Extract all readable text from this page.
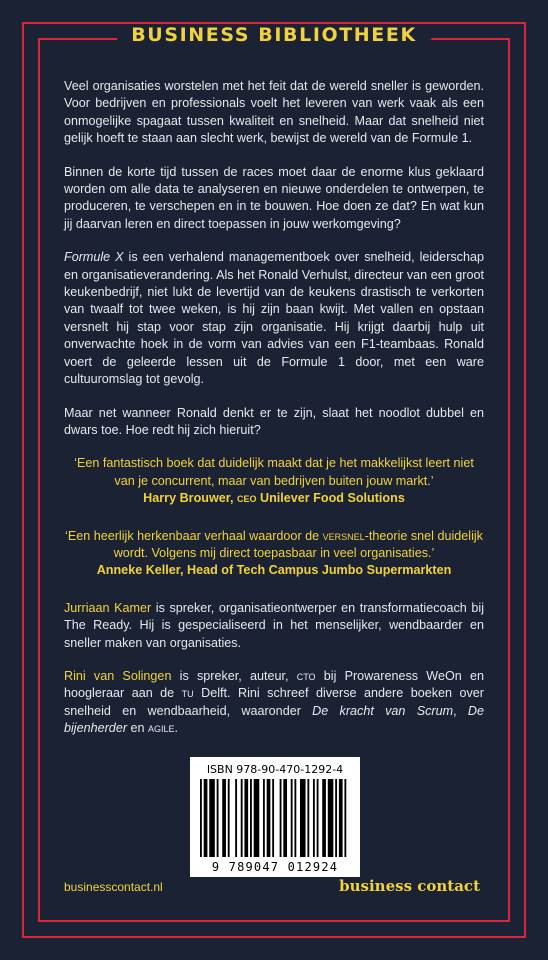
BUSINESS BIBLIOTHEEK

Veel organisaties worstelen met het feit dat de wereld sneller is geworden. Voor bedrijven en professionals voelt het leveren van werk vaak als een onmogelijke spagaat tussen kwaliteit en snelheid. Maar dat snelheid niet gelijk hoeft te staan aan slecht werk, bewijst de wereld van de Formule 1.

Binnen de korte tijd tussen de races moet daar de enorme klus geklaard worden om alle data te analyseren en nieuwe onderdelen te ontwerpen, te produceren, te verschepen en in te bouwen. Hoe doen ze dat? En wat kun jij daarvan leren en direct toepassen in jouw werkomgeving?

Formule X is een verhalend managementboek over snelheid, leiderschap en organisatieverandering. Als het Ronald Verhulst, directeur van een groot keukenbedrijf, niet lukt de levertijd van de keukens drastisch te verkorten van twaalf tot twee weken, is hij zijn baan kwijt. Met vallen en opstaan versnelt hij stap voor stap zijn organisatie. Hij krijgt daarbij hulp uit onverwachte hoek in de vorm van advies van een F1-teambaas. Ronald voert de geleerde lessen uit de Formule 1 door, met een ware cultuuromslag tot gevolg.

Maar net wanneer Ronald denkt er te zijn, slaat het noodlot dubbel en dwars toe. Hoe redt hij zich hieruit?

‘Een fantastisch boek dat duidelijk maakt dat je het makkelijkst leert niet van je concurrent, maar van bedrijven buiten jouw markt.’

Harry Brouwer, ceo Unilever Food Solutions

‘Een heerlijk herkenbaar verhaal waardoor de versnel-theorie snel duidelijk wordt. Volgens mij direct toepasbaar in veel organisaties.’

Anneke Keller, Head of Tech Campus Jumbo Supermarkten

Jurriaan Kamer is spreker, organisatieontwerper en transformatiecoach bij The Ready. Hij is gespecialiseerd in het menselijker, wendbaarder en sneller maken van organisaties.

Rini van Solingen is spreker, auteur, cto bij Prowareness WeOn en hoogleraar aan de tu Delft. Rini schreef diverse andere boeken over snelheid en wendbaarheid, waaronder De kracht van Scrum, De bijenherder en agile.

ISBN 978-90-470-1292-4
9 789047 012924
businesscontact.nl	business contact
